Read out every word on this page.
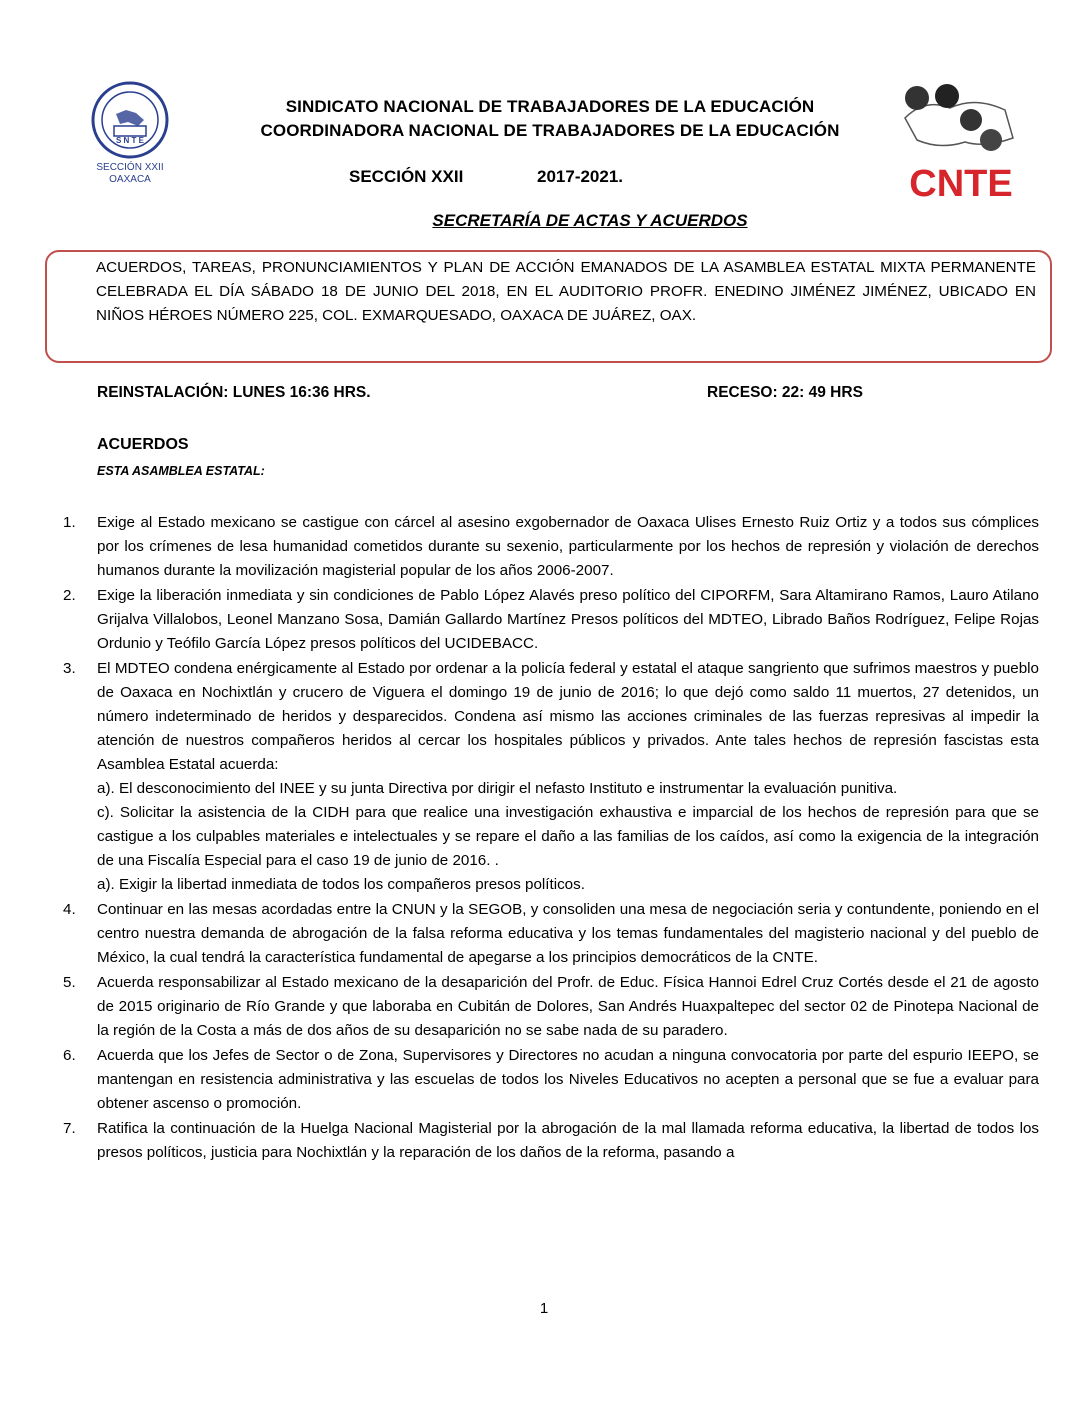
S N T E
SECCIÓN XXII
OAXACA	CNTE
SINDICATO NACIONAL DE TRABAJADORES DE LA EDUCACIÓN
COORDINADORA NACIONAL DE TRABAJADORES DE LA EDUCACIÓN
SECCIÓN XXII	2017-2021.
SECRETARÍA DE ACTAS Y ACUERDOS
ACUERDOS, TAREAS, PRONUNCIAMIENTOS Y PLAN DE ACCIÓN EMANADOS DE LA ASAMBLEA ESTATAL MIXTA PERMANENTE CELEBRADA EL DÍA SÁBADO 18 DE JUNIO DEL 2018, EN EL AUDITORIO PROFR. ENEDINO JIMÉNEZ JIMÉNEZ, UBICADO EN NIÑOS HÉROES NÚMERO 225, COL. EXMARQUESADO, OAXACA DE JUÁREZ, OAX.
REINSTALACIÓN: LUNES 16:36 HRS.	RECESO: 22: 49 HRS
ACUERDOS
ESTA ASAMBLEA ESTATAL:
1.	Exige al Estado mexicano se castigue con cárcel al asesino exgobernador de Oaxaca Ulises Ernesto Ruiz Ortiz y a todos sus cómplices por los crímenes de lesa humanidad cometidos durante su sexenio, particularmente por los hechos de represión y violación de derechos humanos durante la movilización magisterial popular de los años 2006-2007.
2.	Exige la liberación inmediata y sin condiciones de Pablo López Alavés preso político del CIPORFM, Sara Altamirano Ramos, Lauro Atilano Grijalva Villalobos, Leonel Manzano Sosa, Damián Gallardo Martínez Presos políticos del MDTEO, Librado Baños Rodríguez, Felipe Rojas Ordunio y Teófilo García López presos políticos del UCIDEBACC.
3.	El MDTEO condena enérgicamente al Estado por ordenar a la policía federal y estatal el ataque sangriento que sufrimos maestros y pueblo de Oaxaca en Nochixtlán y crucero de Viguera el domingo 19 de junio de 2016; lo que dejó como saldo 11 muertos, 27 detenidos, un número indeterminado de heridos y desparecidos. Condena así mismo las acciones criminales de las fuerzas represivas al impedir la atención de nuestros compañeros heridos al cercar los hospitales públicos y privados. Ante tales hechos de represión fascistas esta Asamblea Estatal acuerda:
a). El desconocimiento del INEE y su junta Directiva por dirigir el nefasto Instituto e instrumentar la evaluación punitiva.
c). Solicitar la asistencia de la CIDH para que realice una investigación exhaustiva e imparcial de los hechos de represión para que se castigue a los culpables materiales e intelectuales y se repare el daño a las familias de los caídos, así como la exigencia de la integración de una Fiscalía Especial para el caso 19 de junio de 2016. .
a). Exigir la libertad inmediata de todos los compañeros presos políticos.
4.	Continuar en las mesas acordadas entre la CNUN y la SEGOB, y consoliden una mesa de negociación seria y contundente, poniendo en el centro nuestra demanda de abrogación de la falsa reforma educativa y los temas fundamentales del magisterio nacional y del pueblo de México, la cual tendrá la característica fundamental de apegarse a los principios democráticos de la CNTE.
5.	Acuerda responsabilizar al Estado mexicano de la desaparición del Profr. de Educ. Física Hannoi Edrel Cruz Cortés desde el 21 de agosto de 2015 originario de Río Grande y que laboraba en Cubitán de Dolores, San Andrés Huaxpaltepec del sector 02 de Pinotepa Nacional de la región de la Costa a más de dos años de su desaparición no se sabe nada de su paradero.
6.	Acuerda que los Jefes de Sector o de Zona, Supervisores y Directores no acudan a ninguna convocatoria por parte del espurio IEEPO, se mantengan en resistencia administrativa y las escuelas de todos los Niveles Educativos no acepten a personal que se fue a evaluar para obtener ascenso o promoción.
7.	Ratifica la continuación de la Huelga Nacional Magisterial por la abrogación de la mal llamada reforma educativa, la libertad de todos los presos políticos, justicia para Nochixtlán y la reparación de los daños de la reforma, pasando a
1
